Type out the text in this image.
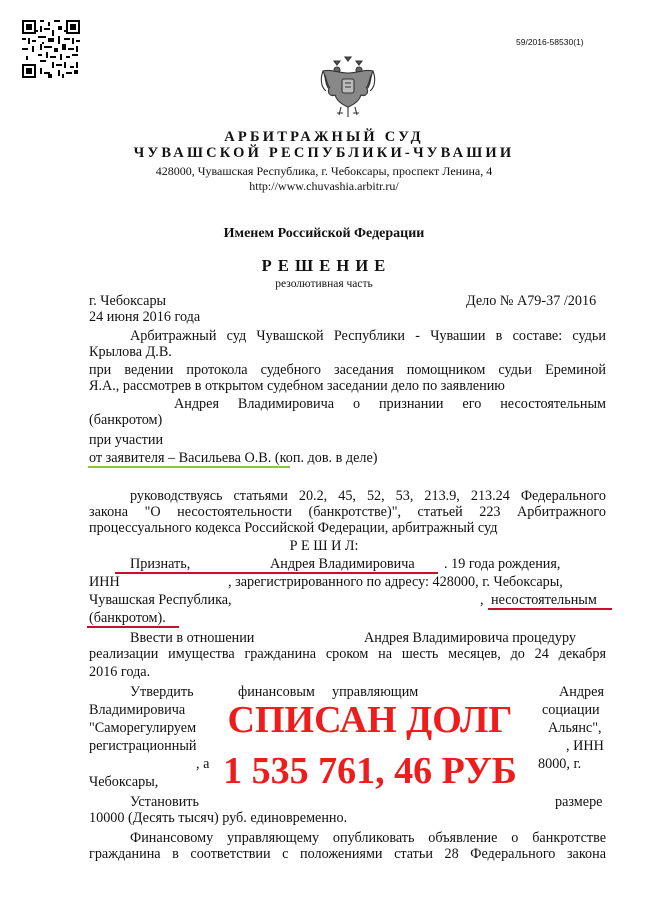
59/2016-58530(1)
АРБИТРАЖНЫЙ СУД
ЧУВАШСКОЙ РЕСПУБЛИКИ-ЧУВАШИИ
428000, Чувашская Республика, г. Чебоксары, проспект Ленина, 4
http://www.chuvashia.arbitr.ru/
Именем Российской Федерации
Р Е Ш Е Н И Е
резолютивная часть
г. Чебоксары	Дело № А79-37 /2016
24 июня 2016 года
Арбитражный суд Чувашской Республики - Чувашии в составе: судьи
Крылова Д.В.
при ведении протокола судебного заседания помощником судьи Ереминой
Я.А., рассмотрев в открытом судебном заседании дело по заявлению
Андрея Владимировича о признании его несостоятельным
(банкротом)
при участии
от заявителя – Васильева О.В. (коп. дов. в деле)
руководствуясь статьями 20.2, 45, 52, 53, 213.9, 213.24 Федерального
закона "О несостоятельности (банкротстве)", статьей 223 Арбитражного
процессуального кодекса Российской Федерации, арбитражный суд
Р Е Ш И Л:
Признать,	Андрея Владимировича . 19 года рождения,
ИНН	, зарегистрированного по адресу: 428000, г. Чебоксары,
Чувашская Республика,	, несостоятельным
(банкротом).
Ввести в отношении	Андрея Владимировича процедуру
реализации имущества гражданина сроком на шесть месяцев, до 24 декабря
2016 года.
Утвердить	финансовым управляющим	Андрея
Владимировича	социации
"Саморегулируем	Альянс",
регистрационный	, ИНН
, а	8000, г.
Чебоксары,
Установить	размере
10000 (Десять тысяч) руб. единовременно.
Финансовому управляющему опубликовать объявление о банкротстве
гражданина в соответствии с положениями статьи 28 Федерального закона
СПИСАН ДОЛГ
1 535 761, 46 РУБ
